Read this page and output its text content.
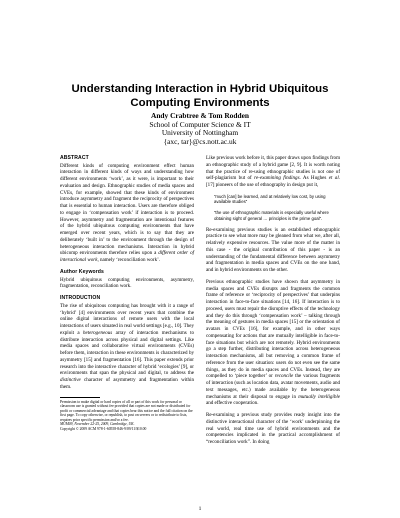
Understanding Interaction in Hybrid Ubiquitous
Computing Environments
Andy Crabtree & Tom Rodden
School of Computer Science & IT
University of Nottingham
{axc, tar}@cs.nott.ac.uk
ABSTRACT

Different kinds of computing environment effect human interaction in different kinds of ways and understanding how different environments ‘work’, as it were, is important to their evaluation and design. Ethnographic studies of media spaces and CVEs, for example, showed that these kinds of environment introduce asymmetry and fragment the reciprocity of perspectives that is essential to human interaction. Users are therefore obliged to engage in ‘compensation work’ if interaction is to proceed. However, asymmetry and fragmentation are intentional features of the hybrid ubiquitous computing environments that have emerged over recent years, which is to say that they are deliberately ‘built in’ to the environment through the design of heterogeneous interaction mechanisms. Interaction in hybrid ubicomp environments therefore relies upon a different order of interactional work, namely ‘reconciliation work’.

Author Keywords

Hybrid ubiquitous computing environments, asymmetry, fragmentation, reconciliation work.

INTRODUCTION

The rise of ubiquitous computing has brought with it a range of ‘hybrid’ [4] environments over recent years that combine the online digital interactions of remote users with the local interactions of users situated in real world settings [e.g., 10]. They exploit a heterogeneous array of interaction mechanisms to distribute interaction across physical and digital settings. Like media spaces and collaborative virtual environments (CVEs) before them, interaction in these environments is characterized by asymmetry [15] and fragmentation [16]. This paper extends prior research into the interactive character of hybrid ‘ecologies’ [9], or environments that span the physical and digital, to address the distinctive character of asymmetry and fragmentation within them.

Permission to make digital or hard copies of all or part of this work for personal or classroom use is granted without fee provided that copies are not made or distributed for profit or commercial advantage and that copies bear this notice and the full citation on the first page. To copy otherwise, or republish, to post on servers or to redistribute to lists, requires prior specific permission and/or a fee.
MUM09, November 22-25, 2009, Cambridge, UK.
Copyright © 2009 ACM 978-1-60558-846-9/09/11/$10.00

Like previous work before it, this paper draws upon findings from an ethnographic study of a hybrid game [2, 9]. It is worth noting that the practice of re-using ethnographic studies is not one of self-plagiarism but of re-examining findings. As Hughes et al. [17] pioneers of the use of ethnography in design put it,

“much [can] be learned, and at relatively low cost, by using available studies”
“the use of ethnographic materials is especially useful where obtaining sight of general … principles is the prime goal”.

Re-examining previous studies is an established ethnographic practice to see what more may be gleaned from what we, after all, relatively expensive resources. The value more of the matter in this case - the original contribution of this paper - is an understanding of the fundamental difference between asymmetry and fragmentation in media spaces and CVEs on the one hand, and in hybrid environments on the other.

Previous ethnographic studies have shown that asymmetry in media spaces and CVEs disrupts and fragments the common frame of reference or ‘reciprocity of perspectives’ that underpins interaction in face-to-face situations [14, 16]. If interaction is to proceed, users must repair the disruptive effects of the technology and they do this through ‘compensation work’ – talking through the meaning of gestures in media spaces [15] or the orientation of avatars in CVEs [16], for example, and in other ways compensating for actions that are mutually intelligible in face-to-face situations but which are not remotely. Hybrid environments go a step further, distributing interaction across heterogeneous interaction mechanisms, all but removing a common frame of reference from the user situation: users do not even see the same things, as they do in media spaces and CVEs. Instead, they are compelled to ‘piece together’ or reconcile the various fragments of interaction (such as location data, avatar movements, audio and text messages, etc.) made available by the heterogeneous mechanisms at their disposal to engage in mutually intelligible and effective cooperation.

Re-examining a previous study provides ready insight into the distinctive interactional character of the ‘work’ underpinning the real world, real time use of hybrid environments and the competencies implicated in the practical accomplishment of “reconciliation work”. In doing

1
